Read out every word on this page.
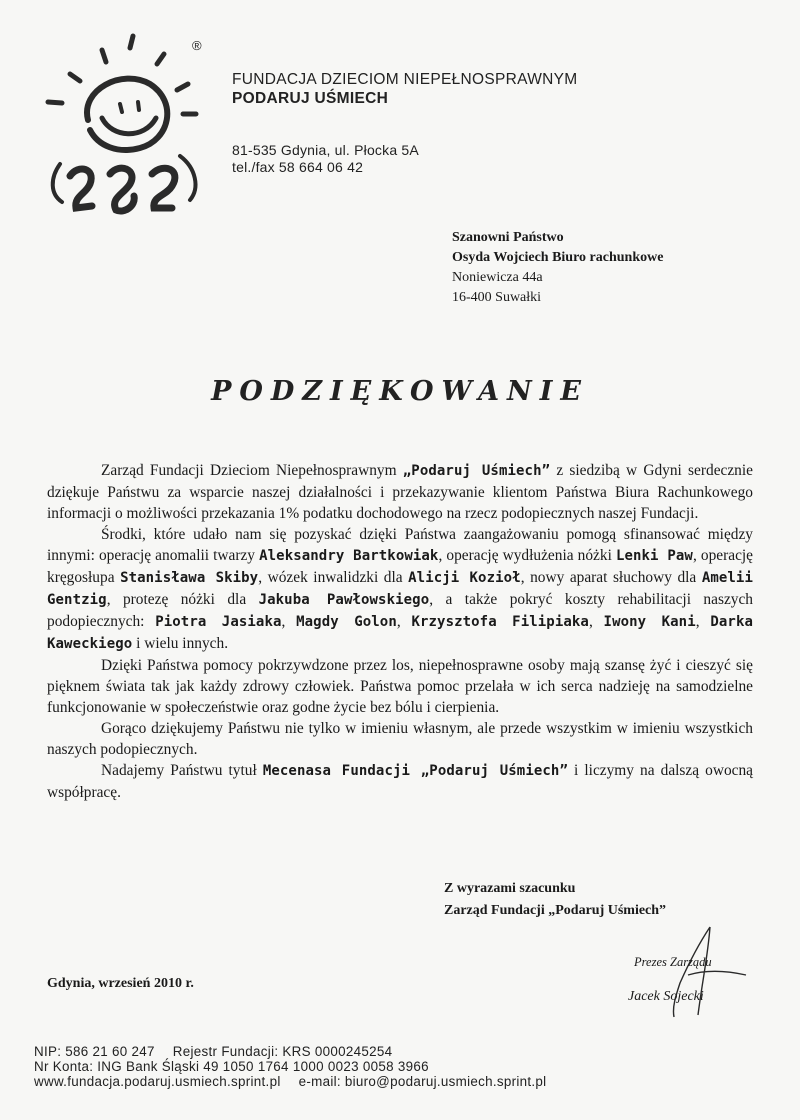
®
FUNDACJA DZIECIOM NIEPEŁNOSPRAWNYM
PODARUJ UŚMIECH
81-535 Gdynia, ul. Płocka 5A
tel./fax 58 664 06 42
Szanowni Państwo
Osyda Wojciech Biuro rachunkowe
Noniewicza 44a
16-400 Suwałki
PODZIĘKOWANIE

Zarząd Fundacji Dzieciom Niepełnosprawnym „Podaruj Uśmiech” z siedzibą w Gdyni serdecznie dziękuje Państwu za wsparcie naszej działalności i przekazywanie klientom Państwa Biura Rachunkowego informacji o możliwości przekazania 1% podatku dochodowego na rzecz podopiecznych naszej Fundacji.

Środki, które udało nam się pozyskać dzięki Państwa zaangażowaniu pomogą sfinansować między innymi: operację anomalii twarzy Aleksandry Bartkowiak, operację wydłużenia nóżki Lenki Paw, operację kręgosłupa Stanisława Skiby, wózek inwalidzki dla Alicji Kozioł, nowy aparat słuchowy dla Amelii Gentzig, protezę nóżki dla Jakuba Pawłowskiego, a także pokryć koszty rehabilitacji naszych podopiecznych: Piotra Jasiaka, Magdy Golon, Krzysztofa Filipiaka, Iwony Kani, Darka Kaweckiego i wielu innych.

Dzięki Państwa pomocy pokrzywdzone przez los, niepełnosprawne osoby mają szansę żyć i cieszyć się pięknem świata tak jak każdy zdrowy człowiek. Państwa pomoc przelała w ich serca nadzieję na samodzielne funkcjonowanie w społeczeństwie oraz godne życie bez bólu i cierpienia.

Gorąco dziękujemy Państwu nie tylko w imieniu własnym, ale przede wszystkim w imieniu wszystkich naszych podopiecznych.

Nadajemy Państwu tytuł Mecenasa Fundacji „Podaruj Uśmiech” i liczymy na dalszą owocną współpracę.

Z wyrazami szacunku
Zarząd Fundacji „Podaruj Uśmiech”
Prezes Zarządu
Jacek Sojecki
Gdynia, wrzesień 2010 r.
NIP: 586 21 60 247 Rejestr Fundacji: KRS 0000245254
Nr Konta: ING Bank Śląski 49 1050 1764 1000 0023 0058 3966
www.fundacja.podaruj.usmiech.sprint.pl e-mail: biuro@podaruj.usmiech.sprint.pl
